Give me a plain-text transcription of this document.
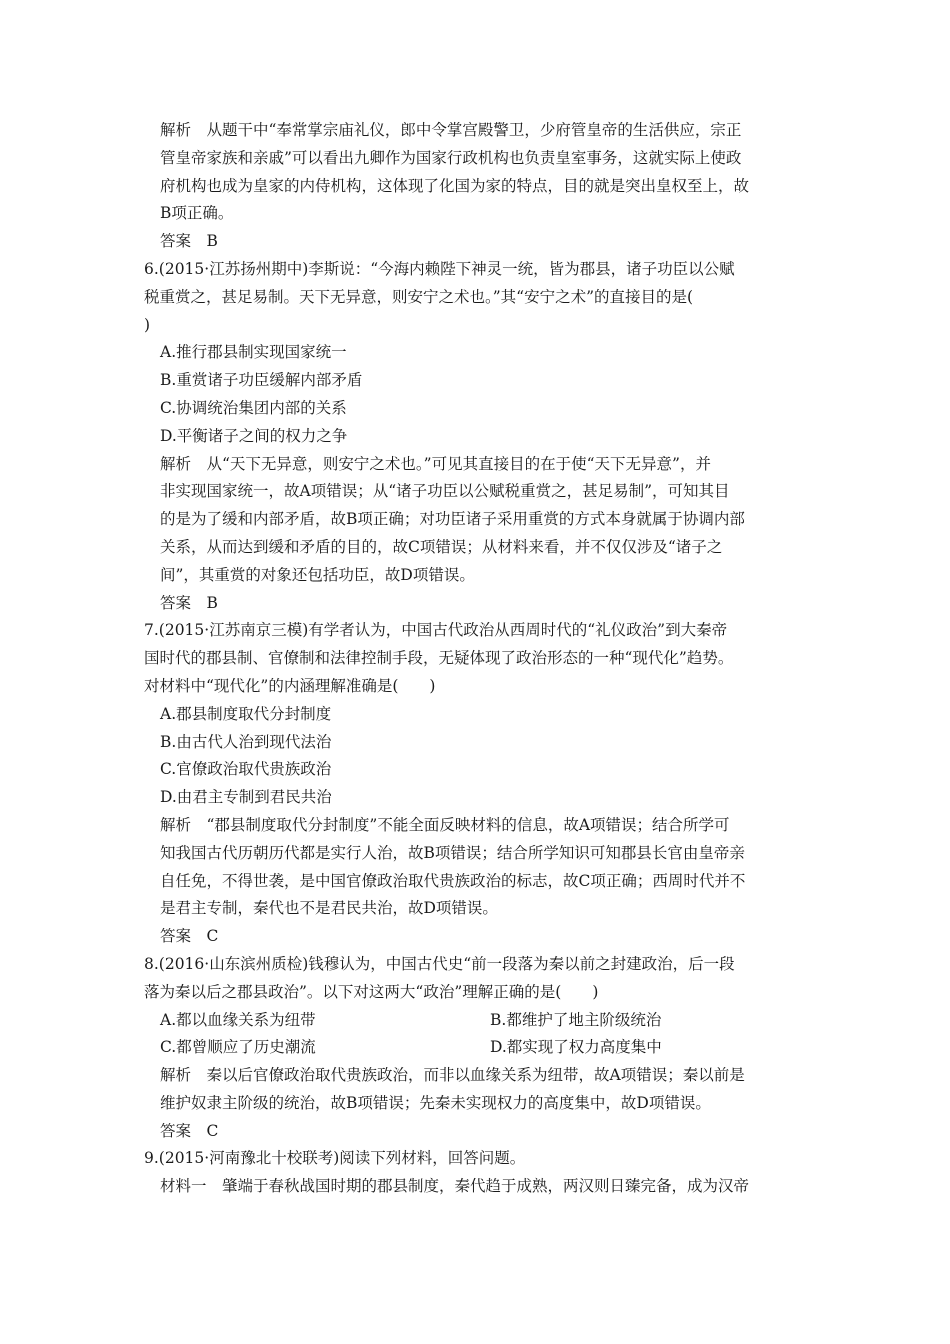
解析　从题干中“奉常掌宗庙礼仪，郎中令掌宫殿警卫，少府管皇帝的生活供应，宗正

管皇帝家族和亲戚”可以看出九卿作为国家行政机构也负责皇室事务，这就实际上使政

府机构也成为皇家的内侍机构，这体现了化国为家的特点，目的就是突出皇权至上，故

B项正确。

答案　B

6.(2015·江苏扬州期中)李斯说：“今海内赖陛下神灵一统，皆为郡县，诸子功臣以公赋

税重赏之，甚足易制。天下无异意，则安宁之术也。”其“安宁之术”的直接目的是(

)

A.推行郡县制实现国家统一

B.重赏诸子功臣缓解内部矛盾

C.协调统治集团内部的关系

D.平衡诸子之间的权力之争

解析　从“天下无异意，则安宁之术也。”可见其直接目的在于使“天下无异意”，并

非实现国家统一，故A项错误；从“诸子功臣以公赋税重赏之，甚足易制”，可知其目

的是为了缓和内部矛盾，故B项正确；对功臣诸子采用重赏的方式本身就属于协调内部

关系，从而达到缓和矛盾的目的，故C项错误；从材料来看，并不仅仅涉及“诸子之

间”，其重赏的对象还包括功臣，故D项错误。

答案　B

7.(2015·江苏南京三模)有学者认为，中国古代政治从西周时代的“礼仪政治”到大秦帝

国时代的郡县制、官僚制和法律控制手段，无疑体现了政治形态的一种“现代化”趋势。

对材料中“现代化”的内涵理解准确是(　　)

A.郡县制度取代分封制度

B.由古代人治到现代法治

C.官僚政治取代贵族政治

D.由君主专制到君民共治

解析　“郡县制度取代分封制度”不能全面反映材料的信息，故A项错误；结合所学可

知我国古代历朝历代都是实行人治，故B项错误；结合所学知识可知郡县长官由皇帝亲

自任免，不得世袭，是中国官僚政治取代贵族政治的标志，故C项正确；西周时代并不

是君主专制，秦代也不是君民共治，故D项错误。

答案　C

8.(2016·山东滨州质检)钱穆认为，中国古代史“前一段落为秦以前之封建政治，后一段

落为秦以后之郡县政治”。以下对这两大“政治”理解正确的是(　　)

A.都以血缘关系为纽带	B.都维护了地主阶级统治

C.都曾顺应了历史潮流	D.都实现了权力高度集中

解析　秦以后官僚政治取代贵族政治，而非以血缘关系为纽带，故A项错误；秦以前是

维护奴隶主阶级的统治，故B项错误；先秦未实现权力的高度集中，故D项错误。

答案　C

9.(2015·河南豫北十校联考)阅读下列材料，回答问题。

材料一　肇端于春秋战国时期的郡县制度，秦代趋于成熟，两汉则日臻完备，成为汉帝
